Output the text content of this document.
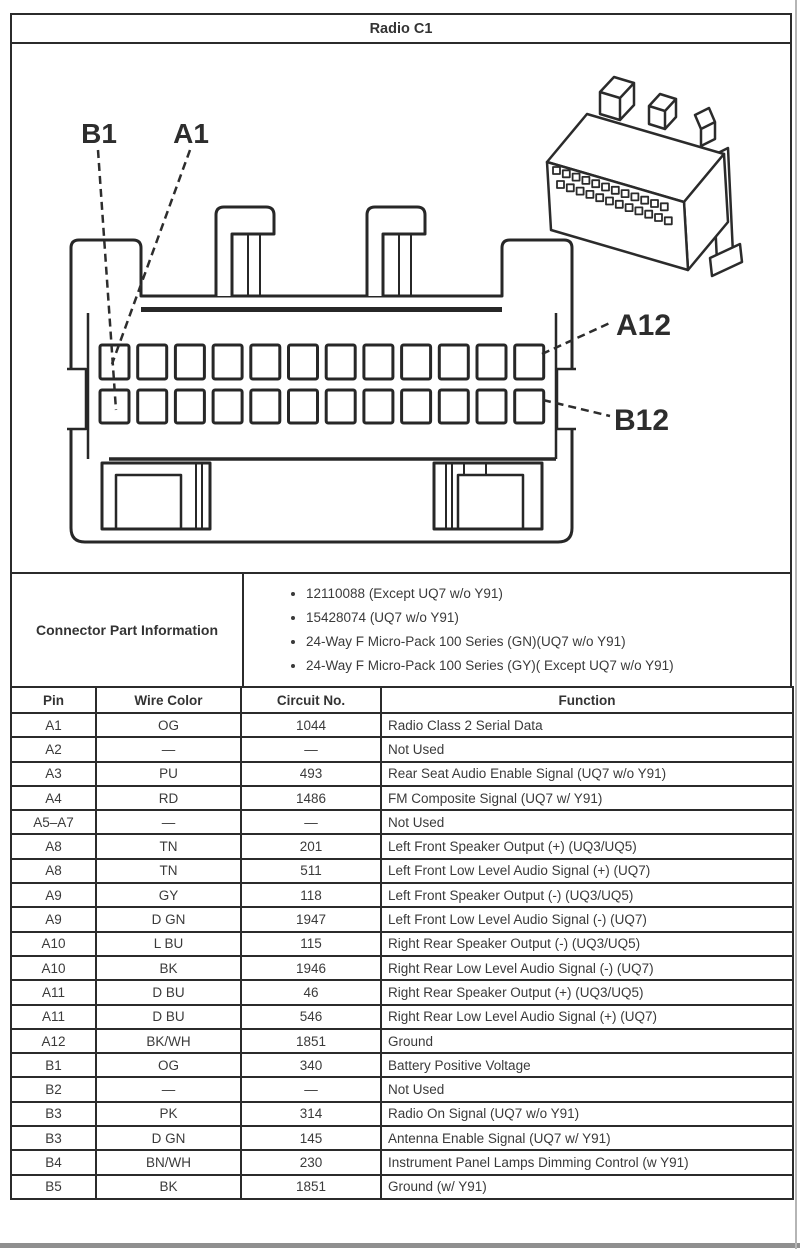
Radio C1
B1 A1
A12
B12
Connector Part Information
• 12110088 (Except UQ7 w/o Y91)
• 15428074 (UQ7 w/o Y91)
• 24-Way F Micro-Pack 100 Series (GN)(UQ7 w/o Y91)
• 24-Way F Micro-Pack 100 Series (GY)( Except UQ7 w/o Y91)
Pin	Wire Color	Circuit No.	Function
A1	OG	1044	Radio Class 2 Serial Data
A2	—	—	Not Used
A3	PU	493	Rear Seat Audio Enable Signal (UQ7 w/o Y91)
A4	RD	1486	FM Composite Signal (UQ7 w/ Y91)
A5–A7	—	—	Not Used
A8	TN	201	Left Front Speaker Output (+) (UQ3/UQ5)
A8	TN	511	Left Front Low Level Audio Signal (+) (UQ7)
A9	GY	118	Left Front Speaker Output (-) (UQ3/UQ5)
A9	D GN	1947	Left Front Low Level Audio Signal (-) (UQ7)
A10	L BU	115	Right Rear Speaker Output (-) (UQ3/UQ5)
A10	BK	1946	Right Rear Low Level Audio Signal (-) (UQ7)
A11	D BU	46	Right Rear Speaker Output (+) (UQ3/UQ5)
A11	D BU	546	Right Rear Low Level Audio Signal (+) (UQ7)
A12	BK/WH	1851	Ground
B1	OG	340	Battery Positive Voltage
B2	—	—	Not Used
B3	PK	314	Radio On Signal (UQ7 w/o Y91)
B3	D GN	145	Antenna Enable Signal (UQ7 w/ Y91)
B4	BN/WH	230	Instrument Panel Lamps Dimming Control (w Y91)
B5	BK	1851	Ground (w/ Y91)
